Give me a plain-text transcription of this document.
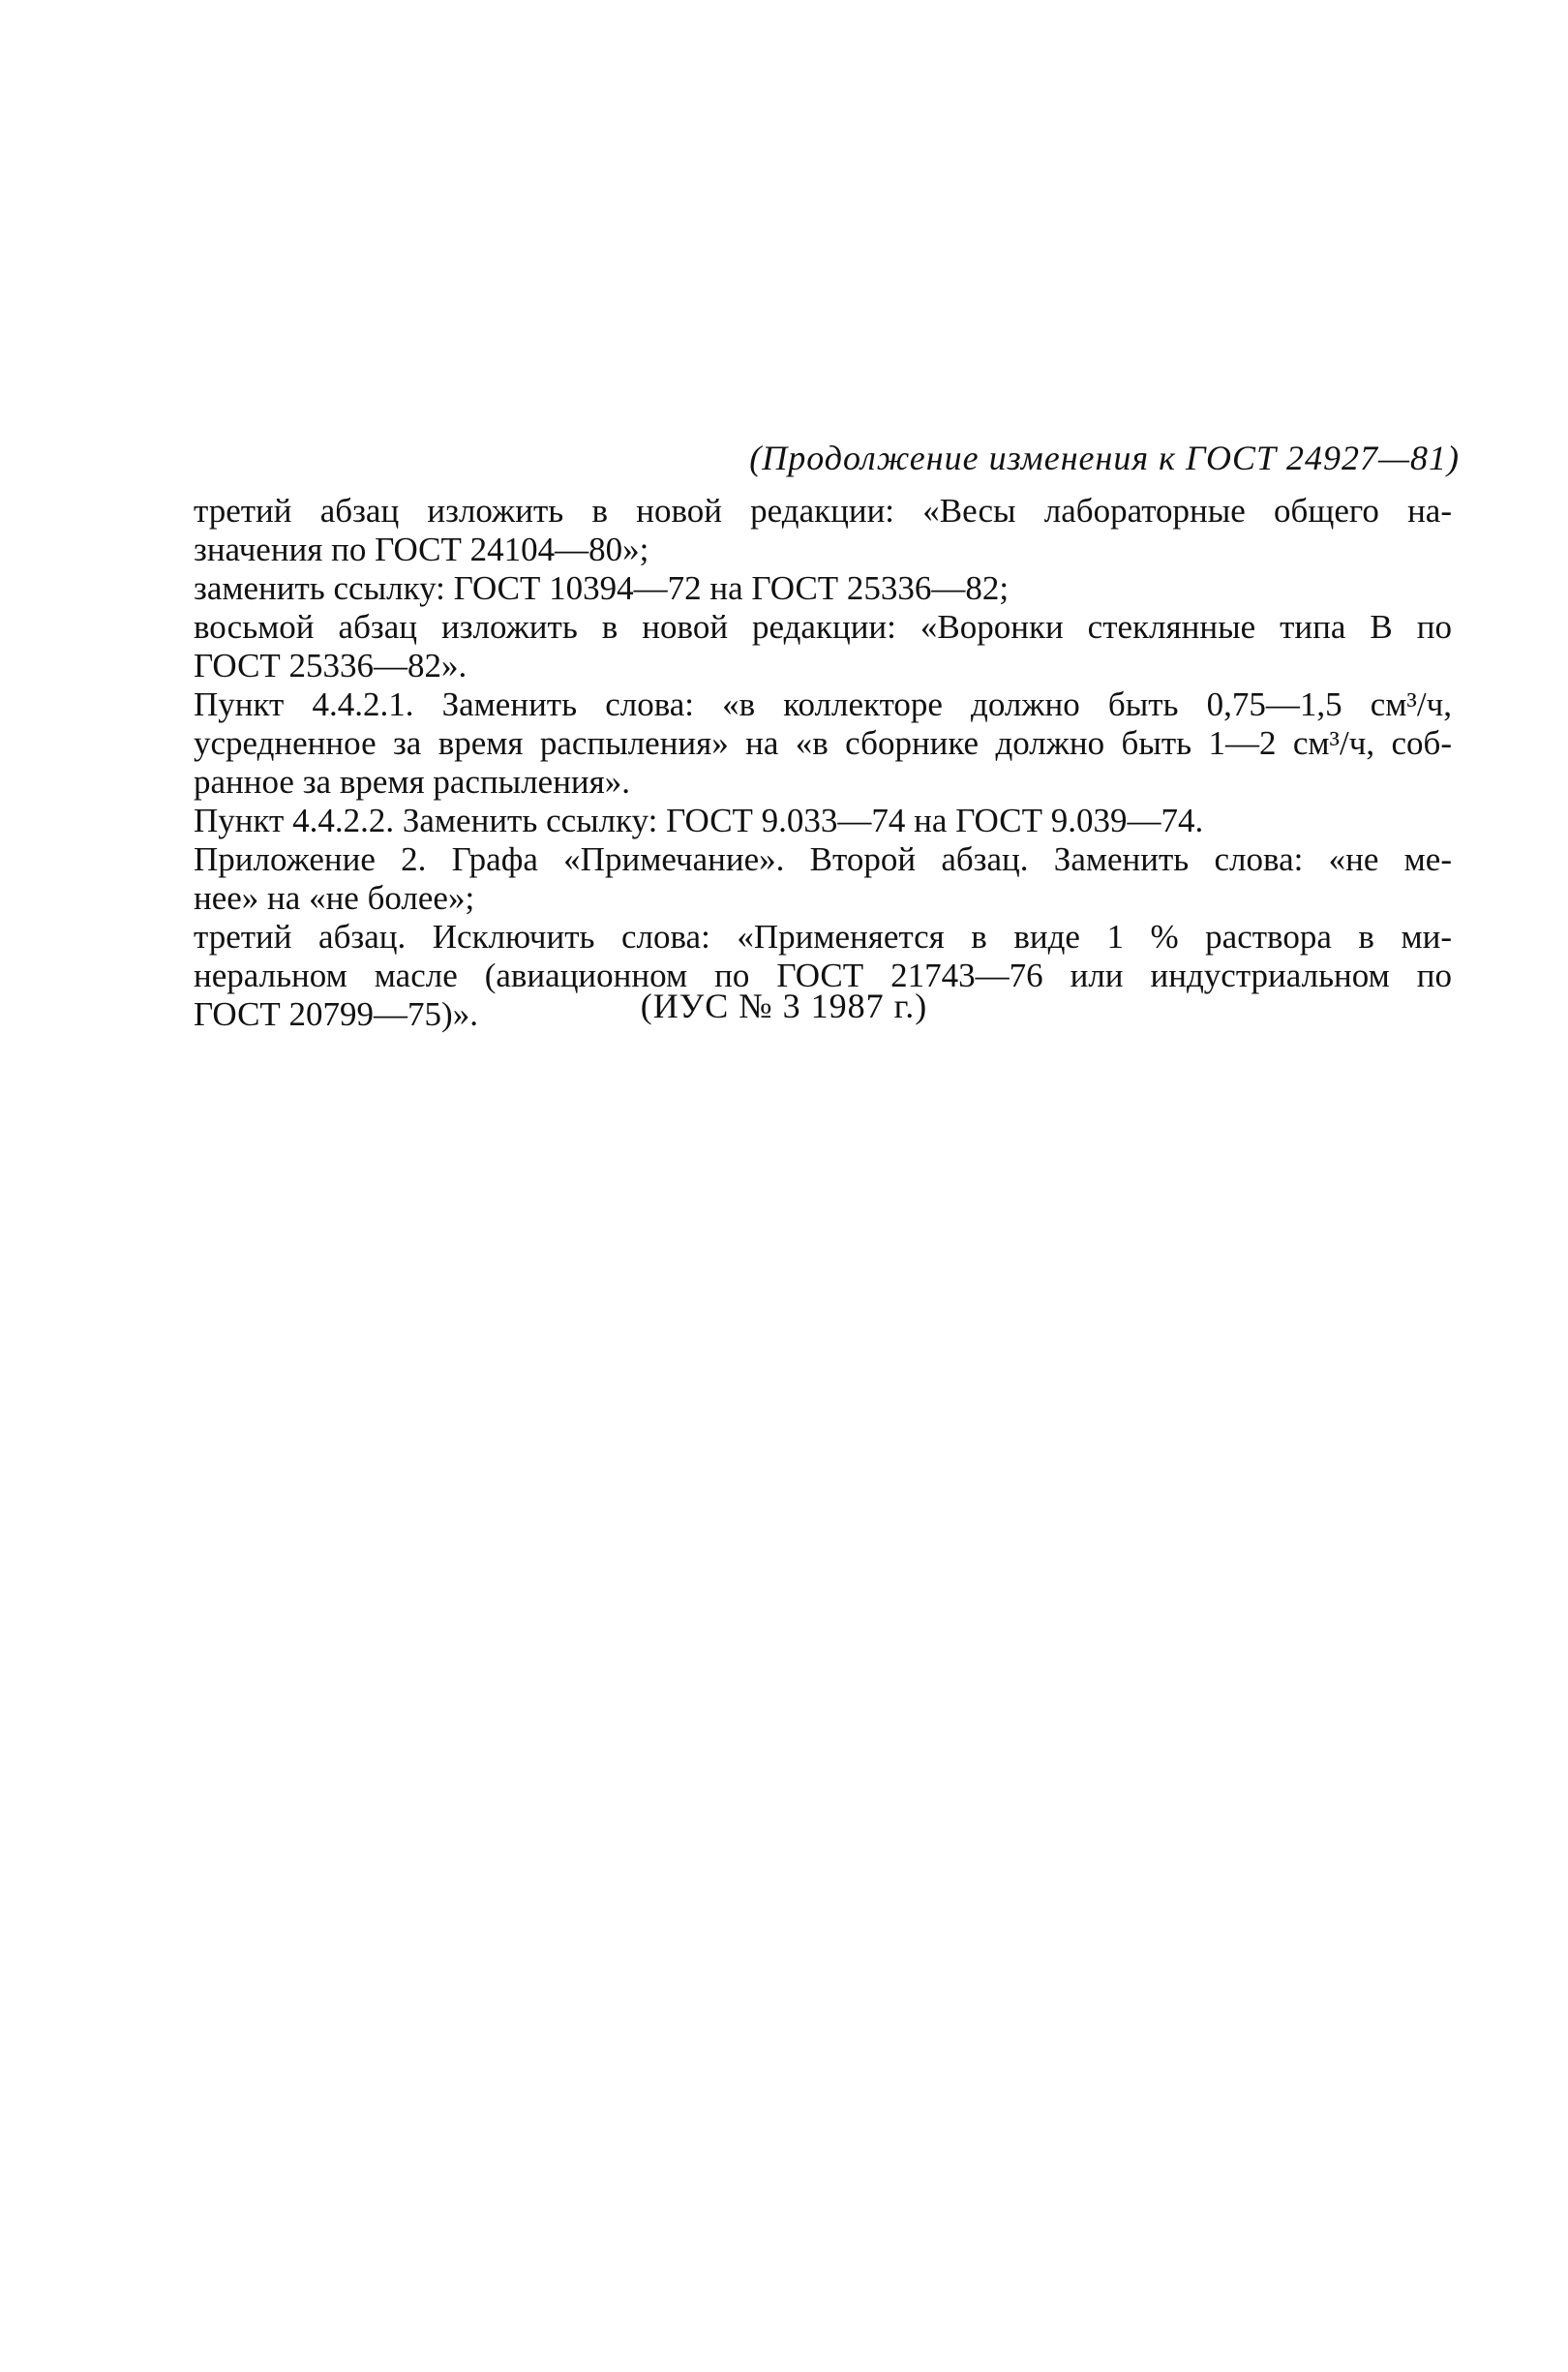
(Продолжение изменения к ГОСТ 24927—81)
третий абзац изложить в новой редакции: «Весы лабораторные общего на-
значения по ГОСТ 24104—80»;
заменить ссылку: ГОСТ 10394—72 на ГОСТ 25336—82;
восьмой абзац изложить в новой редакции: «Воронки стеклянные типа В по
ГОСТ 25336—82».
Пункт 4.4.2.1. Заменить слова: «в коллекторе должно быть 0,75—1,5 см³/ч,
усредненное за время распыления» на «в сборнике должно быть 1—2 см³/ч, соб-
ранное за время распыления».
Пункт 4.4.2.2. Заменить ссылку: ГОСТ 9.033—74 на ГОСТ 9.039—74.
Приложение 2. Графа «Примечание». Второй абзац. Заменить слова: «не ме-
нее» на «не более»;
третий абзац. Исключить слова: «Применяется в виде 1 % раствора в ми-
неральном масле (авиационном по ГОСТ 21743—76 или индустриальном по
ГОСТ 20799—75)».	(ИУС № 3 1987 г.)
